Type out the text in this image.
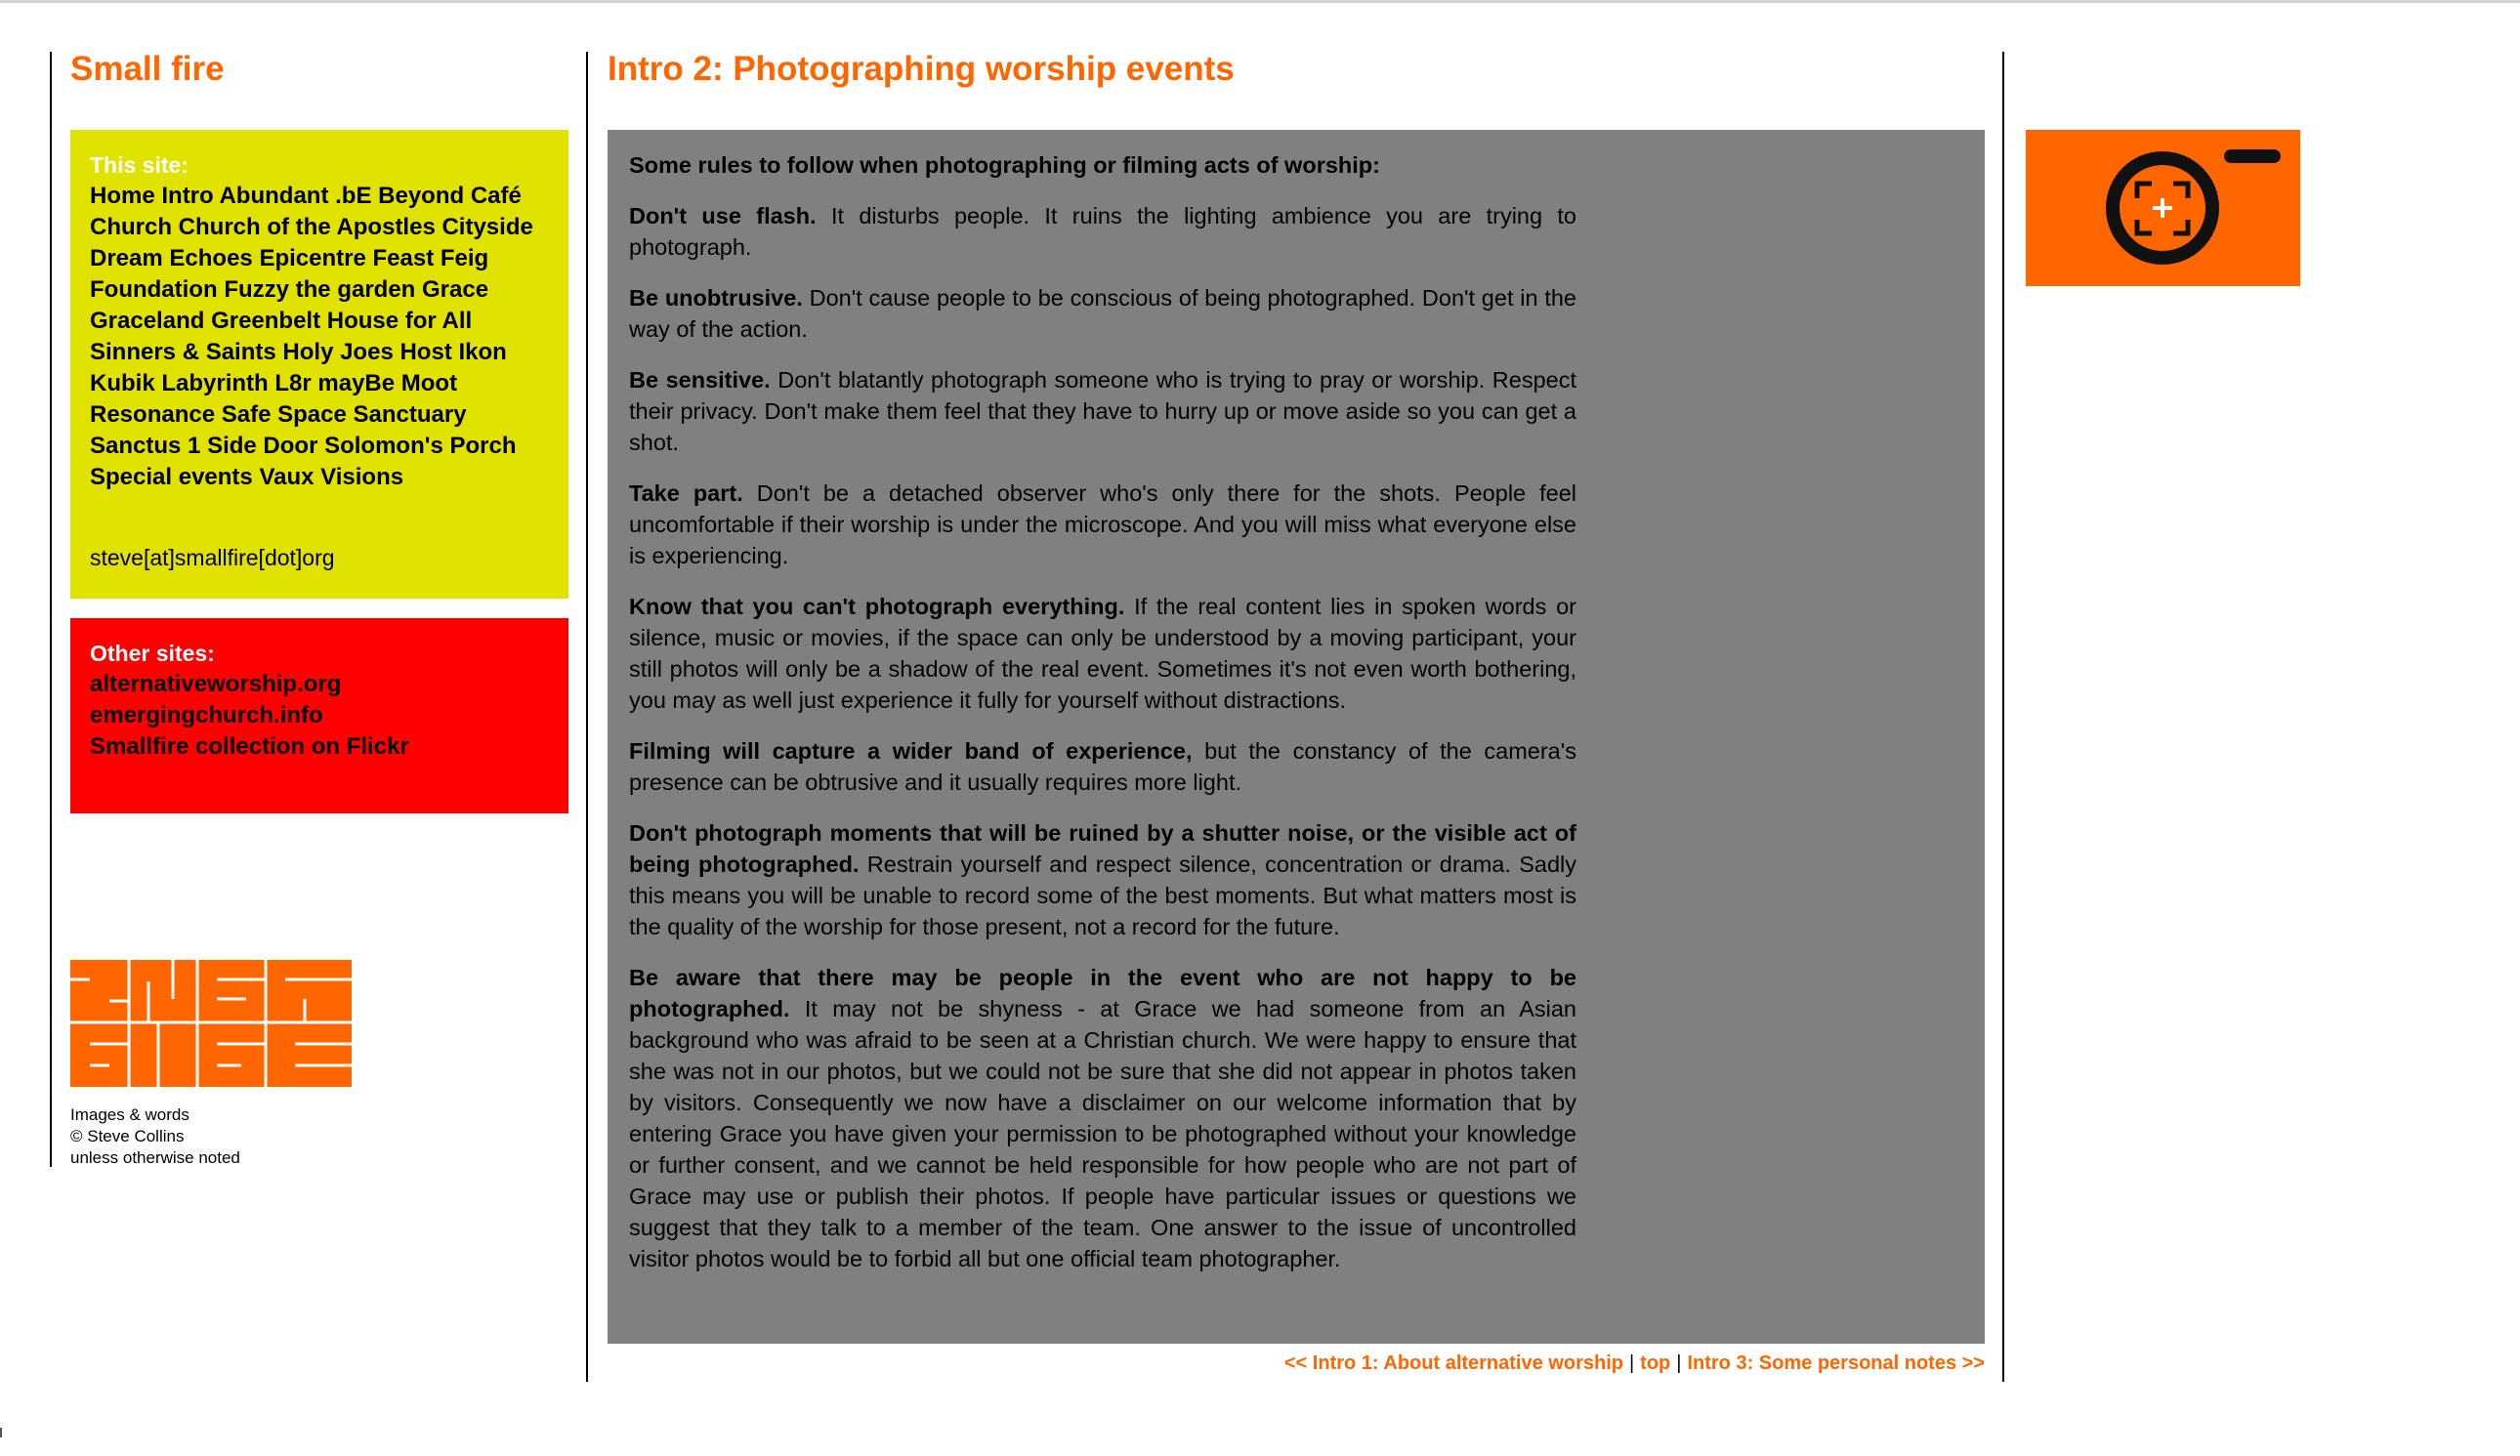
Small fire	Intro 2: Photographing worship events
This site:
Home Intro Abundant .bE Beyond Café Church Church of the Apostles Cityside Dream Echoes Epicentre Feast Feig Foundation Fuzzy the garden Grace Graceland Greenbelt House for All Sinners & Saints Holy Joes Host Ikon Kubik Labyrinth L8r mayBe Moot Resonance Safe Space Sanctuary Sanctus 1 Side Door Solomon's Porch Special events Vaux Visions
steve[at]smallfire[dot]org
Other sites:
alternativeworship.org
emergingchurch.info
Smallfire collection on Flickr
Images & words
© Steve Collins
unless otherwise noted

Some rules to follow when photographing or filming acts of worship:

Don't use flash. It disturbs people. It ruins the lighting ambience you are trying to photograph.

Be unobtrusive. Don't cause people to be conscious of being photographed. Don't get in the way of the action.

Be sensitive. Don't blatantly photograph someone who is trying to pray or worship. Respect their privacy. Don't make them feel that they have to hurry up or move aside so you can get a shot.

Take part. Don't be a detached observer who's only there for the shots. People feel uncomfortable if their worship is under the microscope. And you will miss what everyone else is experiencing.

Know that you can't photograph everything. If the real content lies in spoken words or silence, music or movies, if the space can only be understood by a moving participant, your still photos will only be a shadow of the real event. Sometimes it's not even worth bothering, you may as well just experience it fully for yourself without distractions.

Filming will capture a wider band of experience, but the constancy of the camera's presence can be obtrusive and it usually requires more light.

Don't photograph moments that will be ruined by a shutter noise, or the visible act of being photographed. Restrain yourself and respect silence, concentration or drama. Sadly this means you will be unable to record some of the best moments. But what matters most is the quality of the worship for those present, not a record for the future.

Be aware that there may be people in the event who are not happy to be photographed. It may not be shyness - at Grace we had someone from an Asian background who was afraid to be seen at a Christian church. We were happy to ensure that she was not in our photos, but we could not be sure that she did not appear in photos taken by visitors. Consequently we now have a disclaimer on our welcome information that by entering Grace you have given your permission to be photographed without your knowledge or further consent, and we cannot be held responsible for how people who are not part of Grace may use or publish their photos. If people have particular issues or questions we suggest that they talk to a member of the team. One answer to the issue of uncontrolled visitor photos would be to forbid all but one official team photographer.

<< Intro 1: About alternative worship | top | Intro 3: Some personal notes >>
